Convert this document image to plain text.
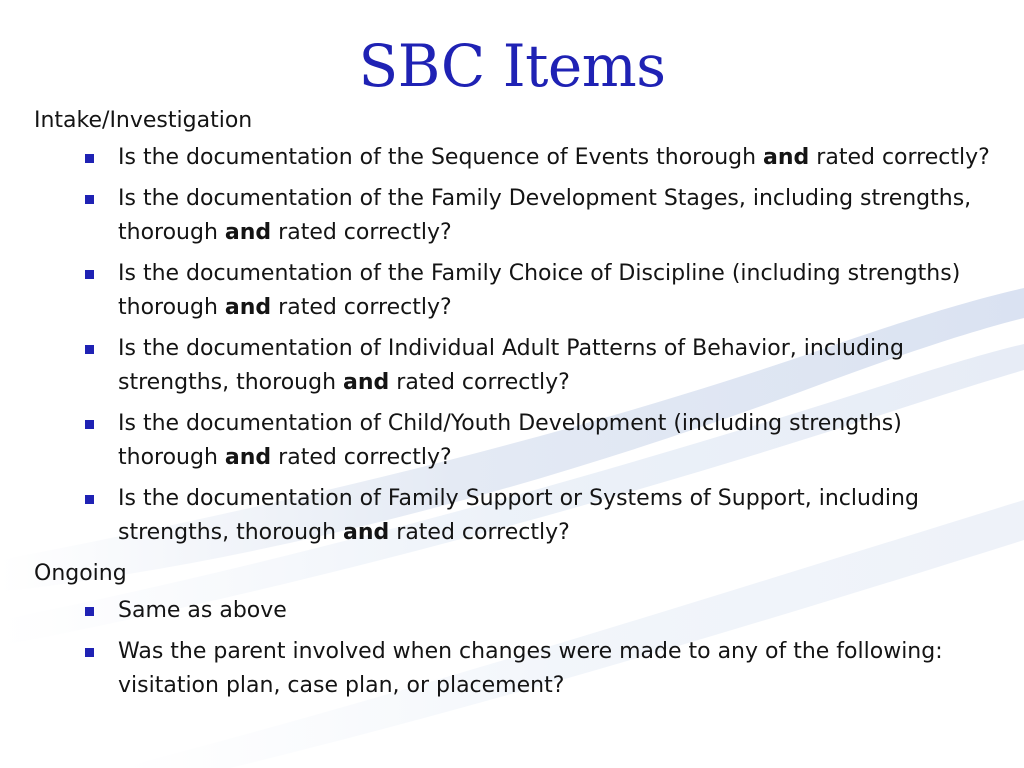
SBC Items
Intake/Investigation
Is the documentation of the Sequence of Events thorough and rated correctly?
Is the documentation of the Family Development Stages, including strengths, thorough and rated correctly?
Is the documentation of the Family Choice of Discipline (including strengths) thorough and rated correctly?
Is the documentation of Individual Adult Patterns of Behavior, including strengths, thorough and rated correctly?
Is the documentation of Child/Youth Development (including strengths) thorough and rated correctly?
Is the documentation of Family Support or Systems of Support, including strengths, thorough and rated correctly?
Ongoing
Same as above
Was the parent involved when changes were made to any of the following: visitation plan, case plan, or placement?
